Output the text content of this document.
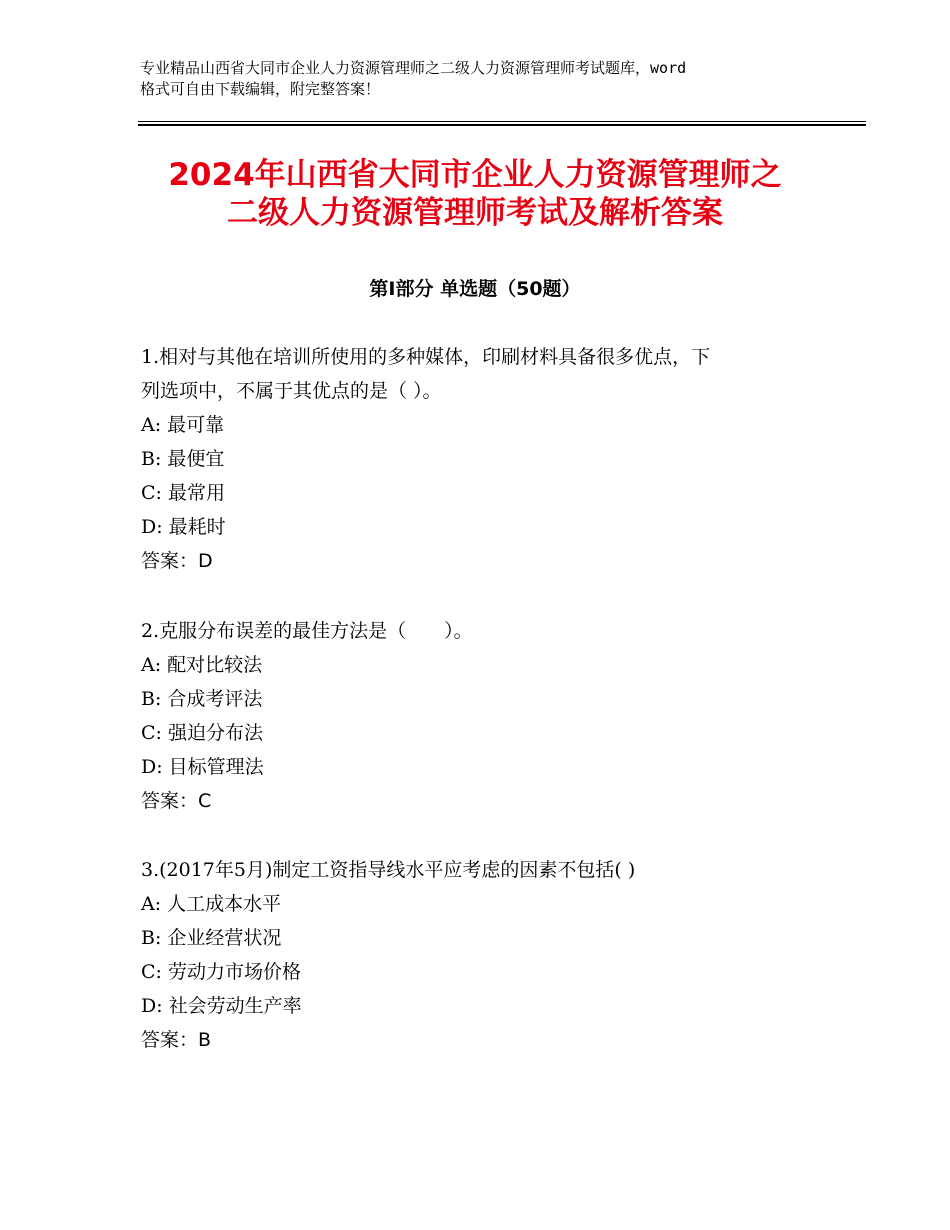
专业精品山西省大同市企业人力资源管理师之二级人力资源管理师考试题库，word
格式可自由下载编辑，附完整答案！
2024年山西省大同市企业人力资源管理师之
二级人力资源管理师考试及解析答案
第Ⅰ部分 单选题（50题）
1.相对与其他在培训所使用的多种媒体，印刷材料具备很多优点，下
列选项中，不属于其优点的是（ ）。
A: 最可靠
B: 最便宜
C: 最常用
D: 最耗时
答案：D
2.克服分布误差的最佳方法是（　　）。
A: 配对比较法
B: 合成考评法
C: 强迫分布法
D: 目标管理法
答案：C
3.(2017年5月)制定工资指导线水平应考虑的因素不包括( )
A: 人工成本水平
B: 企业经营状况
C: 劳动力市场价格
D: 社会劳动生产率
答案：B
